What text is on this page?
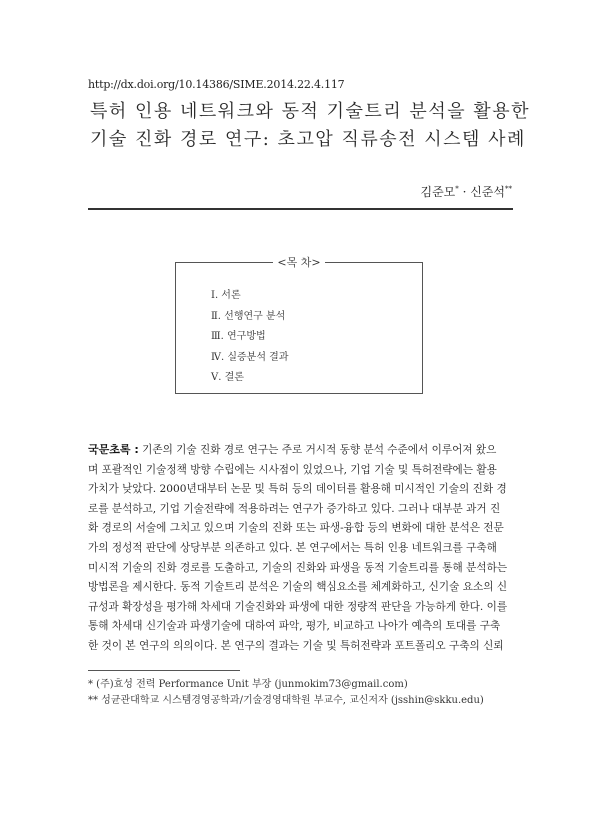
http://dx.doi.org/10.14386/SIME.2014.22.4.117
특허 인용 네트워크와 동적 기술트리 분석을 활용한
기술 진화 경로 연구: 초고압 직류송전 시스템 사례
김준모* · 신준석**
<목 차>
Ⅰ. 서론
Ⅱ. 선행연구 분석
Ⅲ. 연구방법
Ⅳ. 실증분석 결과
Ⅴ. 결론
국문초록 : 기존의 기술 진화 경로 연구는 주로 거시적 동향 분석 수준에서 이루어져 왔으
며 포괄적인 기술정책 방향 수립에는 시사점이 있었으나, 기업 기술 및 특허전략에는 활용
가치가 낮았다. 2000년대부터 논문 및 특허 등의 데이터를 활용해 미시적인 기술의 진화 경
로를 분석하고, 기업 기술전략에 적용하려는 연구가 증가하고 있다. 그러나 대부분 과거 진
화 경로의 서술에 그치고 있으며 기술의 진화 또는 파생-융합 등의 변화에 대한 분석은 전문
가의 정성적 판단에 상당부분 의존하고 있다. 본 연구에서는 특허 인용 네트워크를 구축해
미시적 기술의 진화 경로를 도출하고, 기술의 진화와 파생을 동적 기술트리를 통해 분석하는
방법론을 제시한다. 동적 기술트리 분석은 기술의 핵심요소를 체계화하고, 신기술 요소의 신
규성과 확장성을 평가해 차세대 기술진화와 파생에 대한 정량적 판단을 가능하게 한다. 이를
통해 차세대 신기술과 파생기술에 대하여 파악, 평가, 비교하고 나아가 예측의 토대를 구축
한 것이 본 연구의 의의이다. 본 연구의 결과는 기술 및 특허전략과 포트폴리오 구축의 신뢰
* (주)효성 전력 Performance Unit 부장 (junmokim73@gmail.com)
** 성균관대학교 시스템경영공학과/기술경영대학원 부교수, 교신저자 (jsshin@skku.edu)
